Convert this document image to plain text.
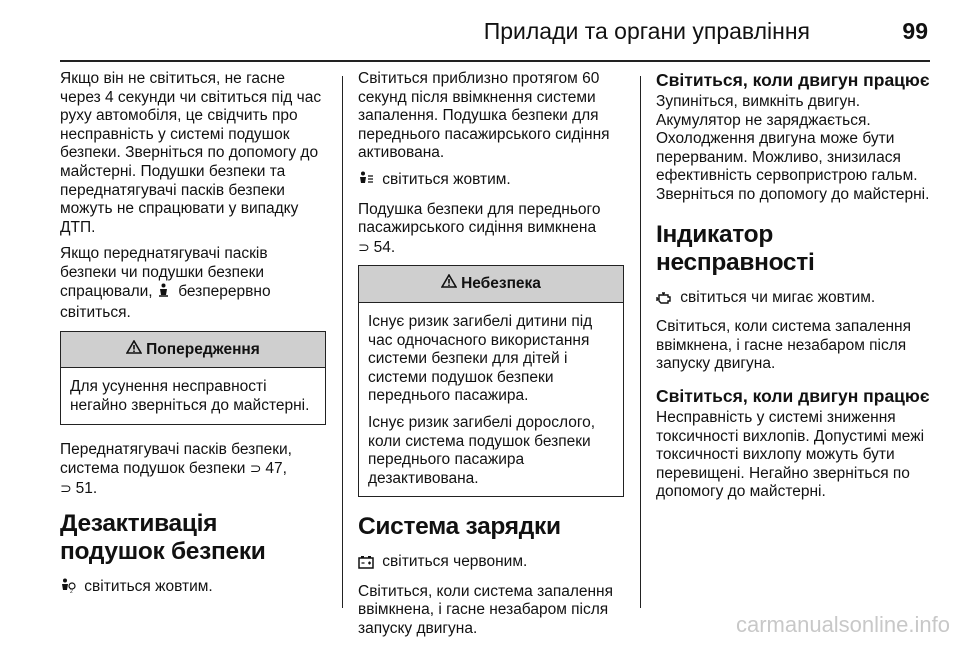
Прилади та органи управління	99

Якщо він не світиться, не гасне через 4 секунди чи світиться під час руху автомобіля, це свідчить про несправність у системі подушок безпеки. Зверніться по допомогу до майстерні. Подушки безпеки та переднатягувачі пасків безпеки можуть не спрацювати у випадку ДТП.

Якщо переднатягувачі пасків безпеки чи подушки безпеки спрацювали,  безперервно світиться.

Попередження

Для усунення несправності негайно зверніться до майстерні.

Переднатягувачі пасків безпеки, система подушок безпеки ⊃ 47,
⊃ 51.

Дезактивація подушок безпеки

2 світиться жовтим.

Світиться приблизно протягом 60 секунд після ввімкнення системи запалення. Подушка безпеки для переднього пасажирського сидіння активована.

світиться жовтим.

Подушка безпеки для переднього пасажирського сидіння вимкнена
⊃ 54.

Небезпека

Існує ризик загибелі дитини під час одночасного використання системи безпеки для дітей і системи подушок безпеки переднього пасажира.

Існує ризик загибелі дорослого, коли система подушок безпеки переднього пасажира дезактивована.

Система зарядки

світиться червоним.

Світиться, коли система запалення ввімкнена, і гасне незабаром після запуску двигуна.

Світиться, коли двигун працює

Зупиніться, вимкніть двигун. Акумулятор не заряджається. Охолодження двигуна може бути перерваним. Можливо, знизилася ефективність сервопристрою гальм. Зверніться по допомогу до майстерні.

Індикатор несправності

світиться чи мигає жовтим.

Світиться, коли система запалення ввімкнена, і гасне незабаром після запуску двигуна.

Світиться, коли двигун працює

Несправність у системі зниження токсичності вихлопів. Допустимі межі токсичності вихлопу можуть бути перевищені. Негайно зверніться по допомогу до майстерні.

carmanualsonline.info
